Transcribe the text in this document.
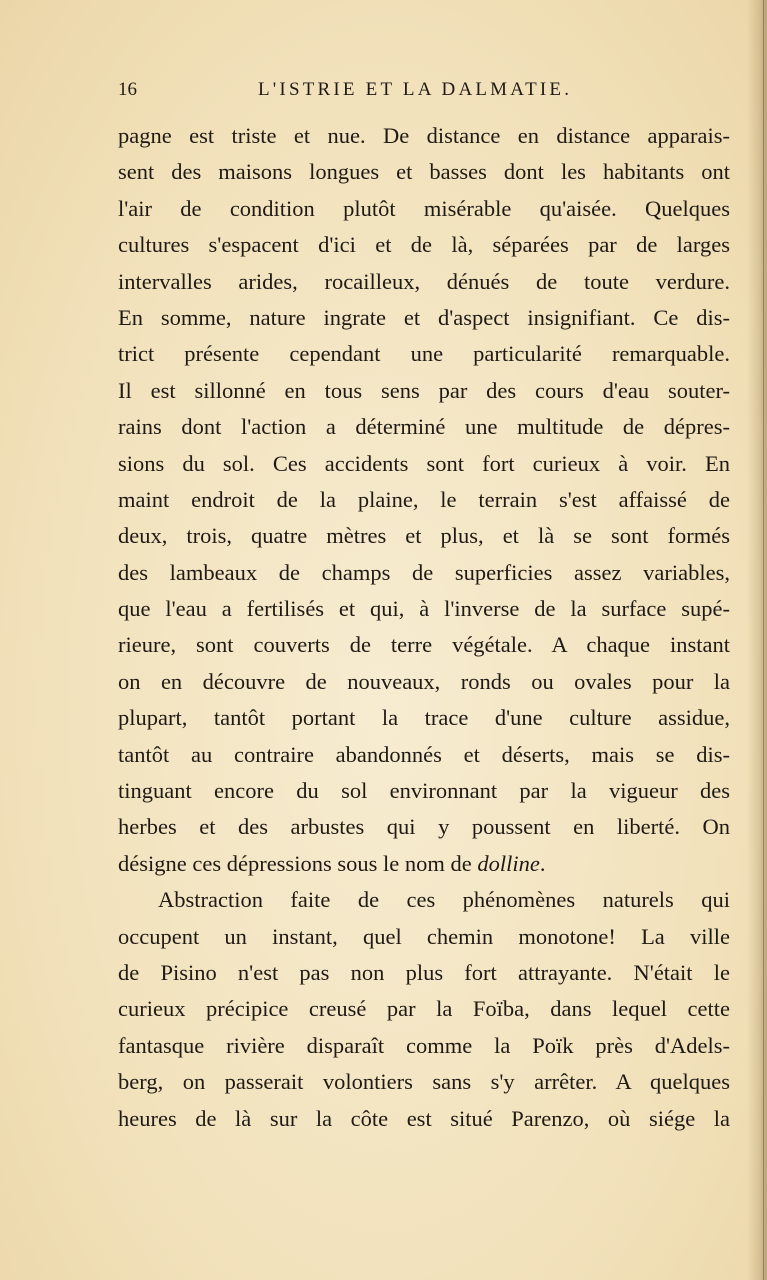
16	L'ISTRIE ET LA DALMATIE.
pagne est triste et nue. De distance en distance apparais-
sent des maisons longues et basses dont les habitants ont
l'air de condition plutôt misérable qu'aisée. Quelques
cultures s'espacent d'ici et de là, séparées par de larges
intervalles arides, rocailleux, dénués de toute verdure.
En somme, nature ingrate et d'aspect insignifiant. Ce dis-
trict présente cependant une particularité remarquable.
Il est sillonné en tous sens par des cours d'eau souter-
rains dont l'action a déterminé une multitude de dépres-
sions du sol. Ces accidents sont fort curieux à voir. En
maint endroit de la plaine, le terrain s'est affaissé de
deux, trois, quatre mètres et plus, et là se sont formés
des lambeaux de champs de superficies assez variables,
que l'eau a fertilisés et qui, à l'inverse de la surface supé-
rieure, sont couverts de terre végétale. A chaque instant
on en découvre de nouveaux, ronds ou ovales pour la
plupart, tantôt portant la trace d'une culture assidue,
tantôt au contraire abandonnés et déserts, mais se dis-
tinguant encore du sol environnant par la vigueur des
herbes et des arbustes qui y poussent en liberté. On
désigne ces dépressions sous le nom de dolline.
Abstraction faite de ces phénomènes naturels qui
occupent un instant, quel chemin monotone! La ville
de Pisino n'est pas non plus fort attrayante. N'était le
curieux précipice creusé par la Foïba, dans lequel cette
fantasque rivière disparaît comme la Poïk près d'Adels-
berg, on passerait volontiers sans s'y arrêter. A quelques
heures de là sur la côte est situé Parenzo, où siége la
